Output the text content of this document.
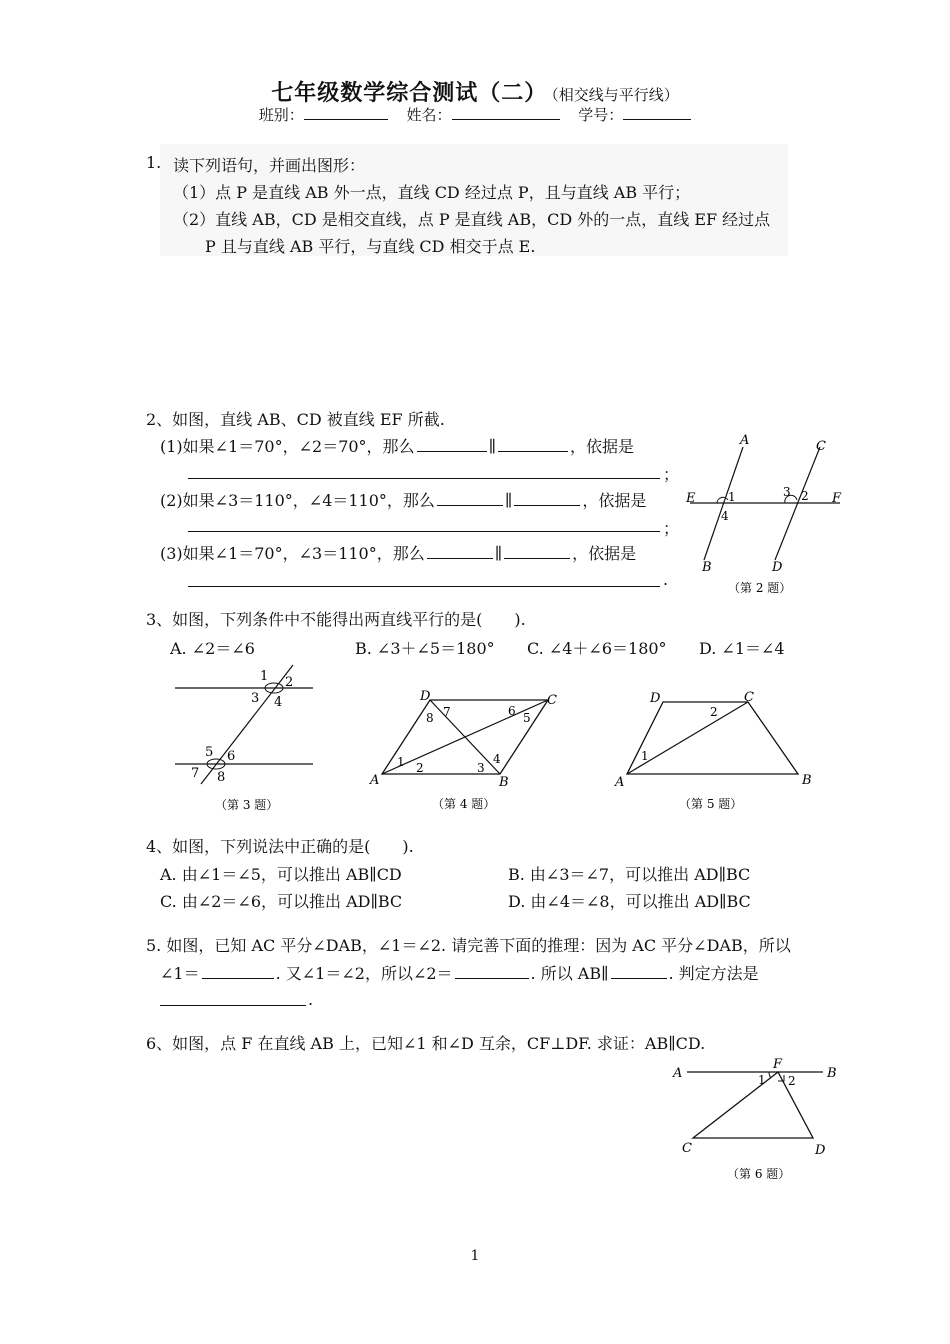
七年级数学综合测试（二） （相交线与平行线）
班别：	姓名：	学号：
1. 读下列语句，并画出图形：
（1）点 P 是直线 AB 外一点，直线 CD 经过点 P，且与直线 AB 平行；
（2）直线 AB，CD 是相交直线，点 P 是直线 AB，CD 外的一点，直线 EF 经过点
P 且与直线 AB 平行，与直线 CD 相交于点 E.
2、如图，直线 AB、CD 被直线 EF 所截.
(1)如果∠1＝70°，∠2＝70°，那么	∥	，依据是
；
(2)如果∠3＝110°，∠4＝110°，那么	∥	，依据是
；
(3)如果∠1＝70°，∠3＝110°，那么	∥	，依据是
.
A
B
C
D
E	F
1
4
3 2
（第 2 题）
3、如图，下列条件中不能得出两直线平行的是(　　).
A. ∠2＝∠6	B. ∠3＋∠5＝180° C. ∠4＋∠6＝180° D. ∠1＝∠4
1 2
3 4
5 6
7 8
（第 3 题）
D	C
A	B
1 2	3
4
5
6
7
8
（第 4 题）
D	C
A	B
1
2
（第 5 题）
4、如图，下列说法中正确的是(　　).
A. 由∠1＝∠5，可以推出 AB∥CD	B. 由∠3＝∠7，可以推出 AD∥BC
C. 由∠2＝∠6，可以推出 AD∥BC	D. 由∠4＝∠8，可以推出 AD∥BC
5. 如图，已知 AC 平分∠DAB，∠1＝∠2. 请完善下面的推理：因为 AC 平分∠DAB，所以
∠1＝	. 又∠1＝∠2，所以∠2＝	. 所以 AB∥	. 判定方法是
.
6、如图，点 F 在直线 AB 上，已知∠1 和∠D 互余，CF⊥DF. 求证：AB∥CD.
A	B
F
C	D
1 2
（第 6 题）
1
